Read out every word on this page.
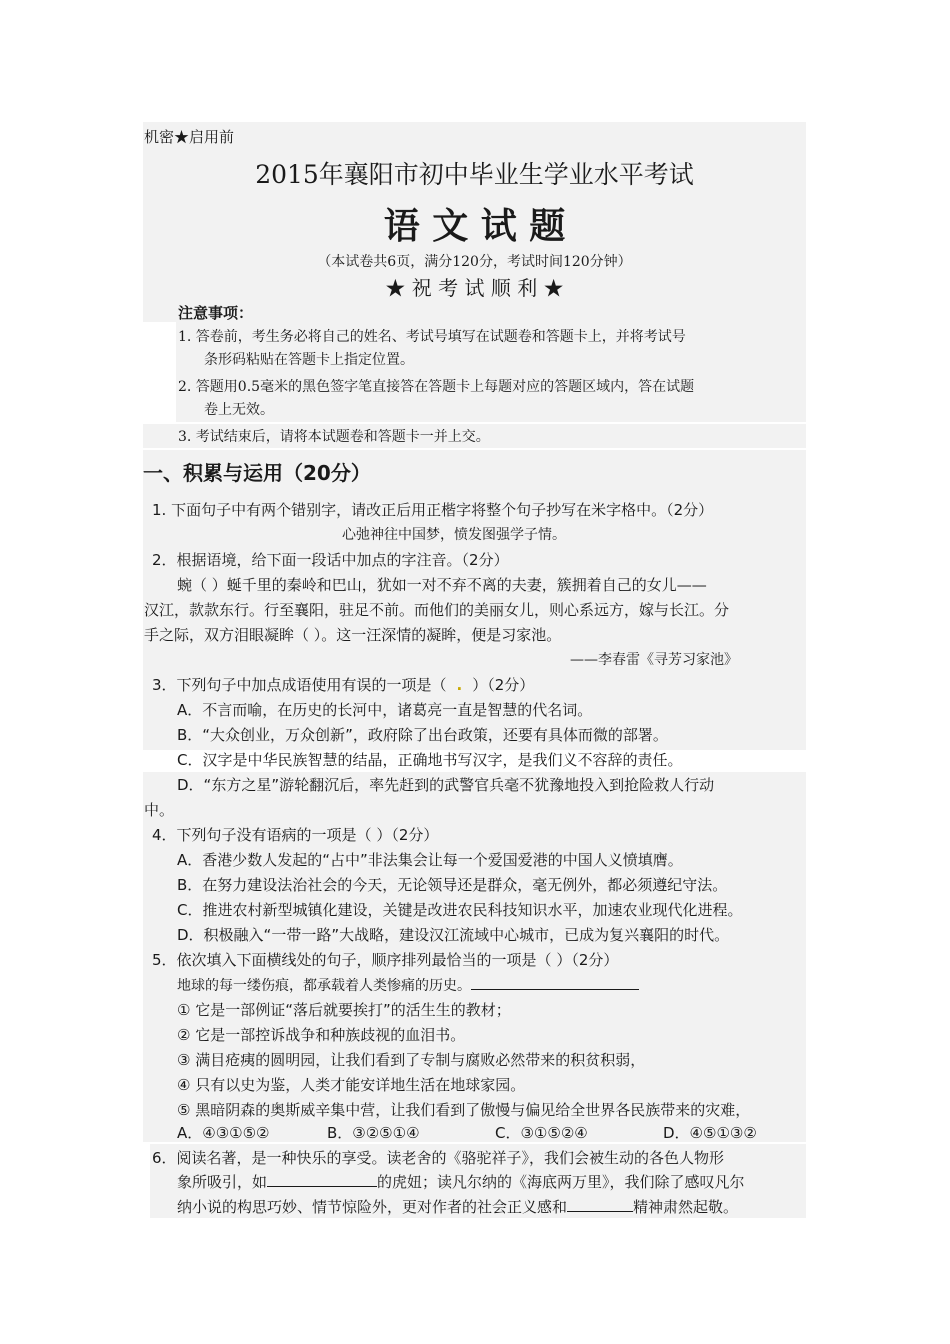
机密★启用前
2015年襄阳市初中毕业生学业水平考试
语 文 试 题
（本试卷共6页，满分120分，考试时间120分钟）
★ 祝 考 试 顺 利 ★
注意事项：
1. 答卷前，考生务必将自己的姓名、考试号填写在试题卷和答题卡上，并将考试号
条形码粘贴在答题卡上指定位置。
2. 答题用0.5毫米的黑色签字笔直接答在答题卡上每题对应的答题区域内，答在试题
卷上无效。
3. 考试结束后，请将本试题卷和答题卡一并上交。
一、积累与运用（20分）
1. 下面句子中有两个错别字，请改正后用正楷字将整个句子抄写在米字格中。（2分）
心弛神往中国梦，愤发图强学子情。
2．根据语境，给下面一段话中加点的字注音。（2分）
蜿（ ）蜒千里的秦岭和巴山，犹如一对不弃不离的夫妻，簇拥着自己的女儿——
汉江，款款东行。行至襄阳，驻足不前。而他们的美丽女儿，则心系远方，嫁与长江。分
手之际，双方泪眼凝眸（ ）。这一汪深情的凝眸，便是习家池。
——李春雷《寻芳习家池》
3．下列句子中加点成语使用有误的一项是（ . ）（2分）
A．不言而喻，在历史的长河中，诸葛亮一直是智慧的代名词。
B．“大众创业，万众创新”，政府除了出台政策，还要有具体而微的部署。
C．汉字是中华民族智慧的结晶，正确地书写汉字，是我们义不容辞的责任。
D．“东方之星”游轮翻沉后，率先赶到的武警官兵毫不犹豫地投入到抢险救人行动
中。
4．下列句子没有语病的一项是（ ）（2分）
A．香港少数人发起的“占中”非法集会让每一个爱国爱港的中国人义愤填膺。
B．在努力建设法治社会的今天，无论领导还是群众，毫无例外，都必须遵纪守法。
C．推进农村新型城镇化建设，关键是改进农民科技知识水平，加速农业现代化进程。
D．积极融入“一带一路”大战略，建设汉江流域中心城市，已成为复兴襄阳的时代。
5．依次填入下面横线处的句子，顺序排列最恰当的一项是（ ）（2分）
地球的每一缕伤痕，都承载着人类惨痛的历史。
① 它是一部例证“落后就要挨打”的活生生的教材；
② 它是一部控诉战争和种族歧视的血泪书。
③ 满目疮痍的圆明园，让我们看到了专制与腐败必然带来的积贫积弱，
④ 只有以史为鉴，人类才能安详地生活在地球家园。
⑤ 黑暗阴森的奥斯威辛集中营，让我们看到了傲慢与偏见给全世界各民族带来的灾难，
A．④③①⑤②	B．③②⑤①④	C．③①⑤②④	D．④⑤①③②
6．阅读名著，是一种快乐的享受。读老舍的《骆驼祥子》，我们会被生动的各色人物形
象所吸引，如	的虎妞；读凡尔纳的《海底两万里》，我们除了感叹凡尔
纳小说的构思巧妙、情节惊险外，更对作者的社会正义感和	精神肃然起敬。
